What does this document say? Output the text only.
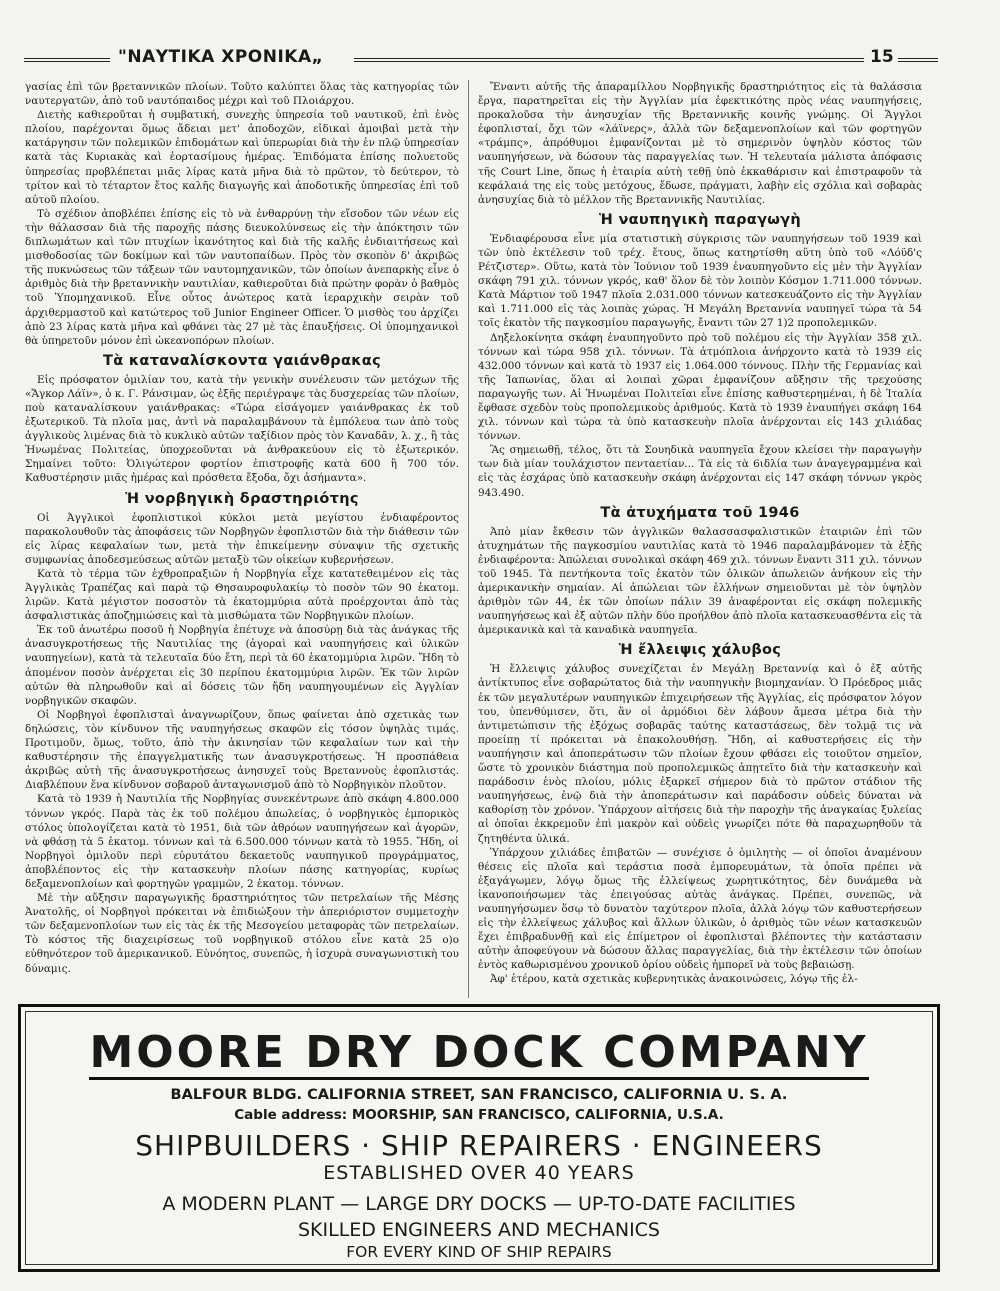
"ΝΑΥΤΙΚΑ ΧΡΟΝΙΚΑ„	15

γασίας ἐπὶ τῶν βρεταννικῶν πλοίων. Τοῦτο καλύπτει ὅλας τὰς κατηγορίας τῶν ναυτεργατῶν, ἀπὸ τοῦ ναυτόπαιδος μέχρι καὶ τοῦ Πλοιάρχου.

Διετὴς καθιεροῦται ἡ συμβατική, συνεχὴς ὑπηρεσία τοῦ ναυτικοῦ, ἐπὶ ἑνὸς πλοίου, παρέχονται ὅμως ἄδειαι μετ' ἀποδοχῶν, εἰδικαὶ ἀμοιβαὶ μετὰ τὴν κατάργησιν τῶν πολεμικῶν ἐπιδομάτων καὶ ὑπερωρίαι διὰ τὴν ἐν πλῷ ὑπηρεσίαν κατὰ τὰς Κυριακὰς καὶ ἑορτασίμους ἡμέρας. Ἐπιδόματα ἐπίσης πολυετοῦς ὑπηρεσίας προβλέπεται μιᾶς λίρας κατὰ μῆνα διὰ τὸ πρῶτον, τὸ δεύτερον, τὸ τρίτον καὶ τὸ τέταρτον ἔτος καλῆς διαγωγῆς καὶ ἀποδοτικῆς ὑπηρεσίας ἐπὶ τοῦ αὐτοῦ πλοίου.

Τὸ σχέδιον ἀποβλέπει ἐπίσης εἰς τὸ νὰ ἐνθαρρύνῃ τὴν εἴσοδον τῶν νέων εἰς τὴν θάλασσαν διὰ τῆς παροχῆς πάσης διευκολύνσεως εἰς τὴν ἀπόκτησιν τῶν διπλωμάτων καὶ τῶν πτυχίων ἱκανότητος καὶ διὰ τῆς καλῆς ἐνδιαιτήσεως καὶ μισθοδοσίας τῶν δοκίμων καὶ τῶν ναυτοπαίδων. Πρὸς τὸν σκοπὸν δ' ἀκριβῶς τῆς πυκνώσεως τῶν τάξεων τῶν ναυτομηχανικῶν, τῶν ὁποίων ἀνεπαρκὴς εἶνε ὁ ἀριθμὸς διὰ τὴν βρεταννικὴν ναυτιλίαν, καθιεροῦται διὰ πρώτην φορὰν ὁ βαθμὸς τοῦ Ὑπομηχανικοῦ. Εἶνε οὗτος ἀνώτερος κατὰ ἱεραρχικὴν σειρὰν τοῦ ἀρχιθερμαστοῦ καὶ κατώτερος τοῦ Junior Engineer Officer. Ὁ μισθὸς του ἀρχίζει ἀπὸ 23 λίρας κατὰ μῆνα καὶ φθάνει τὰς 27 μὲ τὰς ἐπαυξήσεις. Οἱ ὑπομηχανικοὶ θὰ ὑπηρετοῦν μόνον ἐπὶ ὠκεανοπόρων πλοίων.

Τὰ καταναλίσκοντα γαιάνθρακας

Εἰς πρόσφατον ὁμιλίαν του, κατὰ τὴν γενικὴν συνέλευσιν τῶν μετόχων τῆς «Ἄγκορ Λάϊν», ὁ κ. Γ. Ράνσιμαν, ὡς ἑξῆς περιέγραψε τὰς δυσχερείας τῶν πλοίων, ποὺ καταναλίσκουν γαιάνθρακας: «Τώρα εἰσάγομεν γαιάνθρακας ἐκ τοῦ ἐξωτερικοῦ. Τὰ πλοῖα μας, ἀντὶ νὰ παραλαμβάνουν τὰ ἐμπόλευα των ἀπὸ τοὺς ἀγγλικοὺς λιμένας διὰ τὸ κυκλικὸ αὐτῶν ταξίδιον πρὸς τὸν Καναδᾶν, λ. χ., ἢ τὰς Ἡνωμένας Πολιτείας, ὑποχρεοῦνται νὰ ἀνθρακεύουν εἰς τὸ ἐξωτερικόν. Σημαίνει τοῦτο: Ὀλιγώτερον φορτίον ἐπιστροφῆς κατὰ 600 ἢ 700 τόν. Καθυστέρησιν μιᾶς ἡμέρας καὶ πρόσθετα ἔξοδα, ὄχι ἀσήμαντα».

Ἡ νορβηγικὴ δραστηριότης

Οἱ Ἀγγλικοὶ ἐφοπλιστικοὶ κύκλοι μετὰ μεγίστου ἐνδιαφέροντος παρακολουθοῦν τὰς ἀποφάσεις τῶν Νορβηγῶν ἐφοπλιστῶν διὰ τὴν διάθεσιν τῶν εἰς λίρας κεφαλαίων των, μετὰ τὴν ἐπικείμενην σύναψιν τῆς σχετικῆς συμφωνίας ἀποδεσμεύσεως αὐτῶν μεταξὺ τῶν οἰκείων κυβερνήσεων.

Κατὰ τὸ τέρμα τῶν ἐχθροπραξιῶν ἡ Νορβηγία εἶχε κατατεθειμένον εἰς τὰς Ἀγγλικὰς Τραπέζας καὶ παρὰ τῷ Θησαυροφυλακίῳ τὸ ποσὸν τῶν 90 ἑκατομ. λιρῶν. Κατὰ μέγιστον ποσοστὸν τὰ ἑκατομμύρια αὐτὰ προέρχονται ἀπὸ τὰς ἀσφαλιστικὰς ἀποζημιώσεις καὶ τὰ μισθώματα τῶν Νορβηγικῶν πλοίων.

Ἐκ τοῦ ἀνωτέρω ποσοῦ ἡ Νορβηγία ἐπέτυχε νὰ ἀποσύρῃ διὰ τὰς ἀνάγκας τῆς ἀνασυγκροτήσεως τῆς Ναυτιλίας της (ἀγοραὶ καὶ ναυπηγήσεις καὶ ὑλικῶν ναυπηγείων), κατὰ τὰ τελευταῖα δύο ἔτη, περὶ τὰ 60 ἑκατομμύρια λιρῶν. Ἤδη τὸ ἀπομένον ποσὸν ἀνέρχεται εἰς 30 περίπου ἑκατομμύρια λιρῶν. Ἐκ τῶν λιρῶν αὐτῶν θὰ πληρωθοῦν καὶ αἱ δόσεις τῶν ἤδη ναυπηγουμένων εἰς Ἀγγλίαν νορβηγικῶν σκαφῶν.

Οἱ Νορβηγοὶ ἐφοπλισταὶ ἀναγνωρίζουν, ὅπως φαίνεται ἀπὸ σχετικὰς των δηλώσεις, τὸν κίνδυνον τῆς ναυπηγήσεως σκαφῶν εἰς τόσον ὑψηλὰς τιμάς. Προτιμοῦν, ὅμως, τοῦτο, ἀπὸ τὴν ἀκινησίαν τῶν κεφαλαίων των καὶ τὴν καθυστέρησιν τῆς ἐπαγγελματικῆς των ἀνασυγκροτήσεως. Ἡ προσπάθεια ἀκριβῶς αὐτὴ τῆς ἀνασυγκροτήσεως ἀνησυχεῖ τοὺς Βρεταννοὺς ἐφοπλιστάς. Διαβλέπουν ἕνα κίνδυνον σοβαροῦ ἀνταγωνισμοῦ ἀπὸ τὸ Νορβηγικὸν πλοῦτον.

Κατὰ τὸ 1939 ἡ Ναυτιλία τῆς Νορβηγίας συνεκέντρωνε ἀπὸ σκάφη 4.800.000 τόννων γκρός. Παρὰ τὰς ἐκ τοῦ πολέμου ἀπωλείας, ὁ νορβηγικὸς ἐμπορικὸς στόλος ὑπολογίζεται κατὰ τὸ 1951, διὰ τῶν ἀθρόων ναυπηγήσεων καὶ ἀγορῶν, νὰ φθάσῃ τὰ 5 ἑκατομ. τόννων καὶ τὰ 6.500.000 τόννων κατὰ τὸ 1955. Ἤδη, οἱ Νορβηγοὶ ὁμιλοῦν περὶ εὐρυτάτου δεκαετοῦς ναυπηγικοῦ προγράμματος, ἀποβλέποντος εἰς τὴν κατασκευὴν πλοίων πάσης κατηγορίας, κυρίως δεξαμενοπλοίων καὶ φορτηγῶν γραμμῶν, 2 ἑκατομ. τόννων.

Μὲ τὴν αὔξησιν παραγωγικῆς δραστηριότητος τῶν πετρελαίων τῆς Μέσης Ἀνατολῆς, οἱ Νορβηγοὶ πρόκειται νὰ ἐπιδιώξουν τὴν ἀπεριόριστον συμμετοχὴν τῶν δεξαμενοπλοίων των εἰς τὰς ἐκ τῆς Μεσογείου μεταφορὰς τῶν πετρελαίων. Τὸ κόστος τῆς διαχειρίσεως τοῦ νορβηγικοῦ στόλου εἶνε κατὰ 25 ο)ο εὐθηνότερον τοῦ ἀμερικανικοῦ. Εὐνόητος, συνεπῶς, ἡ ἰσχυρὰ συναγωνιστικὴ του δύναμις.

Ἔναντι αὐτῆς τῆς ἀπαραμίλλου Νορβηγικῆς δραστηριότητος εἰς τὰ θαλάσσια ἔργα, παρατηρεῖται εἰς τὴν Ἀγγλίαν μία ἐφεκτικότης πρὸς νέας ναυπηγήσεις, προκαλοῦσα τὴν ἀνησυχίαν τῆς Βρεταννικῆς κοινῆς γνώμης. Οἱ Ἄγγλοι ἐφοπλισταί, ὄχι τῶν «λάϊνερς», ἀλλὰ τῶν δεξαμενοπλοίων καὶ τῶν φορτηγῶν «τράμπς», ἀπρόθυμοι ἐμφανίζονται μὲ τὸ σημερινὸν ὑψηλὸν κόστος τῶν ναυπηγήσεων, νὰ δώσουν τὰς παραγγελίας των. Ἡ τελευταία μάλιστα ἀπόφασις τῆς Court Line, ὅπως ἡ ἑταιρία αὐτὴ τεθῇ ὑπὸ ἐκκαθάρισιν καὶ ἐπιστραφοῦν τὰ κεφάλαιά της εἰς τοὺς μετόχους, ἔδωσε, πράγματι, λαβὴν εἰς σχόλια καὶ σοβαρὰς ἀνησυχίας διὰ τὸ μέλλον τῆς Βρεταννικῆς Ναυτιλίας.

Ἡ ναυπηγικὴ παραγωγὴ

Ἐνδιαφέρουσα εἶνε μία στατιστικὴ σύγκρισις τῶν ναυπηγήσεων τοῦ 1939 καὶ τῶν ὑπὸ ἐκτέλεσιν τοῦ τρέχ. ἔτους, ὅπως κατηρτίσθη αὕτη ὑπὸ τοῦ «Λόϋδ'ς Ρέτζιστερ». Οὕτω, κατὰ τὸν Ἰούνιον τοῦ 1939 ἐναυπηγοῦντο εἰς μὲν τὴν Ἀγγλίαν σκάφη 791 χιλ. τόννων γκρός, καθ' ὅλον δὲ τὸν λοιπὸν Κόσμον 1.711.000 τόννων. Κατὰ Μάρτιον τοῦ 1947 πλοῖα 2.031.000 τόννων κατεσκευάζοντο εἰς τὴν Ἀγγλίαν καὶ 1.711.000 εἰς τὰς λοιπὰς χώρας. Ἡ Μεγάλη Βρεταννία ναυπηγεῖ τώρα τὰ 54 τοῖς ἑκατὸν τῆς παγκοσμίου παραγωγῆς, ἔναντι τῶν 27 1)2 προπολεμικῶν.

Δηξελοκίνητα σκάφη ἐναυπηγοῦντο πρὸ τοῦ πολέμου εἰς τὴν Ἀγγλίαν 358 χιλ. τόννων καὶ τώρα 958 χιλ. τόννων. Τὰ ἀτμόπλοια ἀνήρχοντο κατὰ τὸ 1939 εἰς 432.000 τόννων καὶ κατὰ τὸ 1937 εἰς 1.064.000 τόννους. Πλὴν τῆς Γερμανίας καὶ τῆς Ἰαπωνίας, ὅλαι αἱ λοιπαὶ χῶραι ἐμφανίζουν αὔξησιν τῆς τρεχούσης παραγωγῆς των. Αἱ Ἡνωμέναι Πολιτεῖαι εἶνε ἐπίσης καθυστερημέναι, ἡ δὲ Ἰταλία ἔφθασε σχεδὸν τοὺς προπολεμικοὺς ἀριθμούς. Κατὰ τὸ 1939 ἐναυπήγει σκάφη 164 χιλ. τόννων καὶ τώρα τὰ ὑπὸ κατασκευὴν πλοῖα ἀνέρχονται εἰς 143 χιλιάδας τόννων.

Ἂς σημειωθῇ, τέλος, ὅτι τὰ Σουηδικὰ ναυπηγεῖα ἔχουν κλείσει τὴν παραγωγὴν των διὰ μίαν τουλάχιστον πενταετίαν... Τὰ εἰς τὰ 6ιδλία των ἀναγεγραμμένα καὶ εἰς τὰς ἐσχάρας ὑπὸ κατασκευὴν σκάφη ἀνέρχονται εἰς 147 σκάφη τόννων γκρὸς 943.490.

Τὰ ἀτυχήματα τοῦ 1946

Ἀπὸ μίαν ἔκθεσιν τῶν ἀγγλικῶν θαλασσασφαλιστικῶν ἑταιριῶν ἐπὶ τῶν ἀτυχημάτων τῆς παγκοσμίου ναυτιλίας κατὰ τὸ 1946 παραλαμβάνομεν τὰ ἑξῆς ἐνδιαφέροντα: Ἀπώλειαι συνολικαὶ σκάφη 469 χιλ. τόννων ἔναντι 311 χιλ. τόννων τοῦ 1945. Τὰ πεντήκοντα τοῖς ἑκατὸν τῶν ὁλικῶν ἀπωλειῶν ἀνήκουν εἰς τὴν ἀμερικανικὴν σημαίαν. Αἱ ἀπώλειαι τῶν ἑλλήνων σημειοῦνται μὲ τὸν ὑψηλὸν ἀριθμὸν τῶν 44, ἐκ τῶν ὁποίων πάλιν 39 ἀναφέρονται εἰς σκάφη πολεμικῆς ναυπηγήσεως καὶ ἐξ αὐτῶν πλὴν δύο προήλθον ἀπὸ πλοῖα κατασκευασθέντα εἰς τὰ ἀμερικανικὰ καὶ τὰ καναδικὰ ναυπηγεῖα.

Ἡ ἔλλειψις χάλυβος

Ἡ ἔλλειψις χάλυβος συνεχίζεται ἐν Μεγάλῃ Βρεταννίᾳ καὶ ὁ ἐξ αὐτῆς ἀντίκτυπος εἶνε σοβαρώτατος διὰ τὴν ναυπηγικὴν βιομηχανίαν. Ὁ Πρόεδρος μιᾶς ἐκ τῶν μεγαλυτέρων ναυπηγικῶν ἐπιχειρήσεων τῆς Ἀγγλίας, εἰς πρόσφατον λόγον του, ὑπενθύμισεν, ὅτι, ἂν οἱ ἁρμόδιοι δὲν λάβουν ἄμεσα μέτρα διὰ τὴν ἀντιμετώπισιν τῆς ἐξόχως σοβαρᾶς ταύτης καταστάσεως, δὲν τολμᾷ τις νὰ προείπῃ τί πρόκειται νὰ ἐπακολουθήσῃ. Ἤδη, αἱ καθυστερήσεις εἰς τὴν ναυπήγησιν καὶ ἀποπεράτωσιν τῶν πλοίων ἔχουν φθάσει εἰς τοιοῦτον σημεῖον, ὥστε τὸ χρονικὸν διάστημα ποὺ προπολεμικῶς ἀπῃτεῖτο διὰ τὴν κατασκευὴν καὶ παράδοσιν ἑνὸς πλοίου, μόλις ἐξαρκεῖ σήμερον διὰ τὸ πρῶτον στάδιον τῆς ναυπηγήσεως, ἐνῷ διὰ τὴν ἀποπεράτωσιν καὶ παράδοσιν οὐδεὶς δύναται νὰ καθορίσῃ τὸν χρόνον. Ὑπάρχουν αἰτήσεις διὰ τὴν παροχὴν τῆς ἀναγκαίας ξυλείας αἱ ὁποῖαι ἐκκρεμοῦν ἐπὶ μακρὸν καὶ οὐδεὶς γνωρίζει πότε θὰ παραχωρηθοῦν τὰ ζητηθέντα ὑλικά.

Ὑπάρχουν χιλιάδες ἐπιβατῶν — συνέχισε ὁ ὁμιλητὴς — οἱ ὁποῖοι ἀναμένουν θέσεις εἰς πλοῖα καὶ τεράστια ποσὰ ἐμπορευμάτων, τὰ ὁποῖα πρέπει νὰ ἐξαγάγωμεν, λόγῳ ὅμως τῆς ἐλλείψεως χωρητικότητος, δὲν δυνάμεθα νὰ ἱκανοποιήσωμεν τὰς ἐπειγούσας αὐτὰς ἀνάγκας. Πρέπει, συνεπῶς, νὰ ναυπηγήσωμεν ὅσῳ τὸ δυνατὸν ταχύτερον πλοῖα, ἀλλὰ λόγῳ τῶν καθυστερήσεων εἰς τὴν ἐλλείψεως χάλυβος καὶ ἄλλων ὑλικῶν, ὁ ἀριθμὸς τῶν νέων κατασκευῶν ἔχει ἐπιβραδυνθῇ καὶ εἰς ἐπίμετρον οἱ ἐφοπλισταὶ βλέποντες τὴν κατάστασιν αὐτὴν ἀποφεύγουν νὰ δώσουν ἄλλας παραγγελίας, διὰ τὴν ἐκτέλεσιν τῶν ὁποίων ἐντὸς καθωρισμένου χρονικοῦ ὁρίου οὐδεὶς ἠμπορεῖ νὰ τοὺς βεβαιώσῃ.

Ἀφ' ἑτέρου, κατὰ σχετικὰς κυβερνητικὰς ἀνακοινώσεις, λόγῳ τῆς ἐλ-

MOORE DRY DOCK COMPANY
BALFOUR BLDG. CALIFORNIA STREET, SAN FRANCISCO, CALIFORNIA U. S. A.
Cable address: MOORSHIP, SAN FRANCISCO, CALIFORNIA, U.S.A.
SHIPBUILDERS · SHIP REPAIRERS · ENGINEERS
ESTABLISHED OVER 40 YEARS
A MODERN PLANT — LARGE DRY DOCKS — UP-TO-DATE FACILITIES
SKILLED ENGINEERS AND MECHANICS
FOR EVERY KIND OF SHIP REPAIRS
